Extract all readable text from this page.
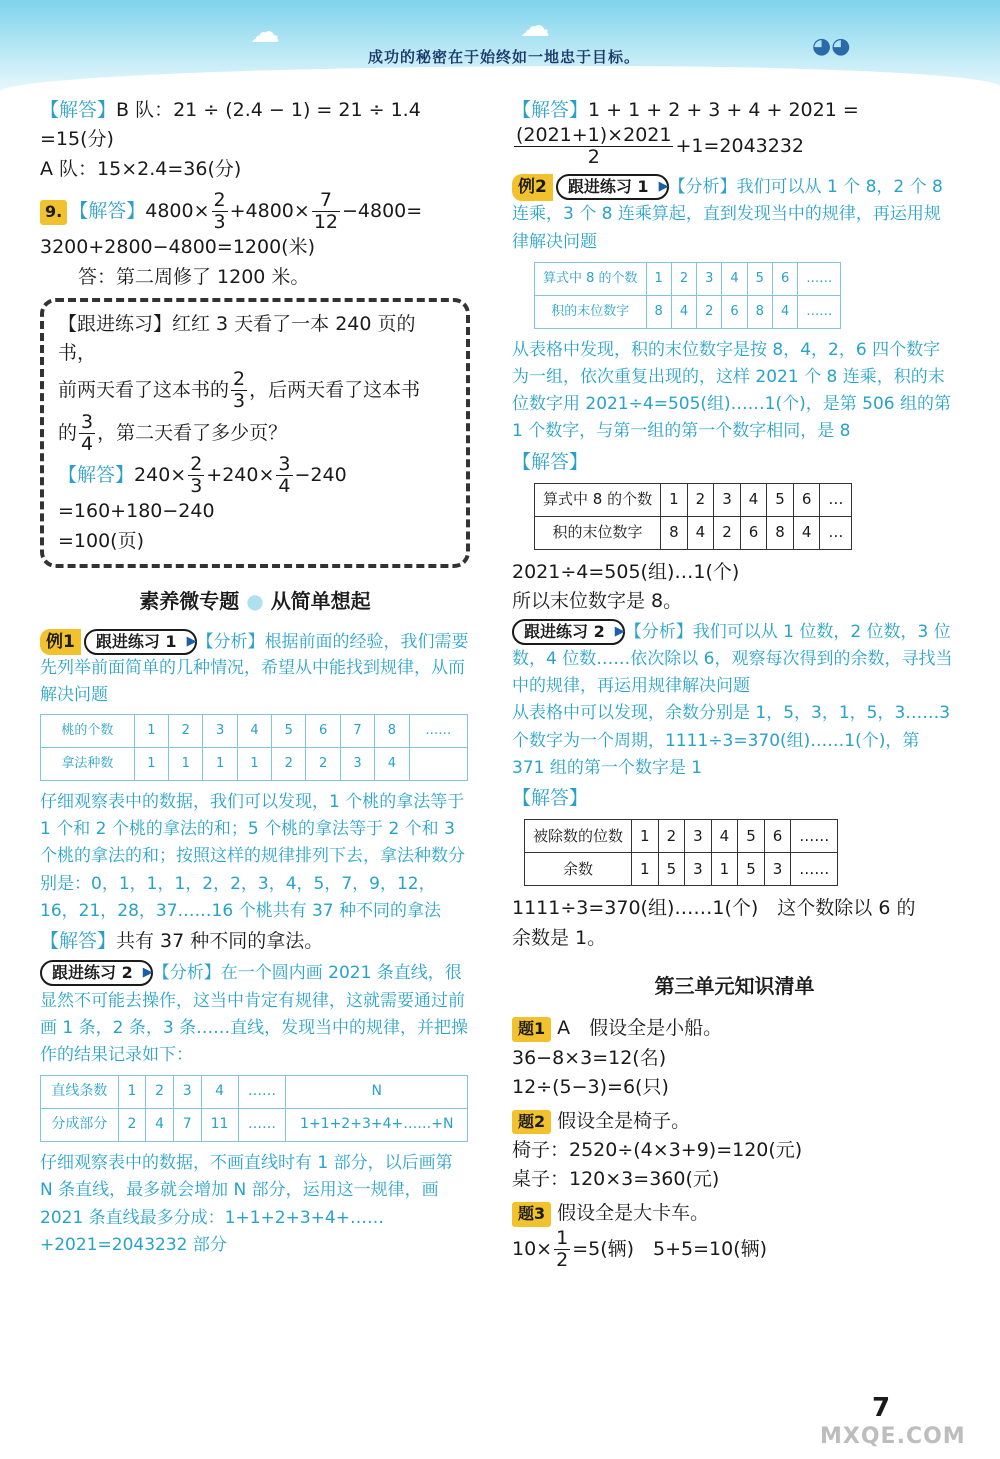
☁	☁
成功的秘密在于始终如一地忠于目标。	◕◕
【解答】B 队：21 ÷ (2.4 − 1) = 21 ÷ 1.4
=15(分)
A 队：15×2.4=36(分)
9. 【解答】$4800\times \frac{2}{3} +4800\times \frac{7}{12} -4800=$
3200+2800−4800=1200(米)
答：第二周修了 1200 米。
【跟进练习】红红 3 天看了一本 240 页的书，
前两天看了这本书的 $\frac{2}{3}$ ，后两天看了这本书
的 $\frac{3}{4}$ ，第二天看了多少页？
【解答】$240\times \frac{2}{3} +240\times \frac{3}{4} -240$
=160+180−240
=100(页)
素养微专题 ● 从简单想起
例1 跟进练习 1 ▶ 【分析】根据前面的经验，我们需要先列举前面简单的几种情况，希望从中能找到规律，从而解决问题
桃的个数	1	2	3	4	5	6	7	8	……
拿法种数	1	1	1	1	2	2	3	4	
仔细观察表中的数据，我们可以发现，1 个桃的拿法等于 1 个和 2 个桃的拿法的和；5 个桃的拿法等于 2 个和 3 个桃的拿法的和；按照这样的规律排列下去，拿法种数分别是：0，1，1，1，2，2，3，4，5，7，9，12，16，21，28，37……16 个桃共有 37 种不同的拿法
【解答】共有 37 种不同的拿法。
跟进练习 2 ▶ 【分析】在一个圆内画 2021 条直线，很显然不可能去操作，这当中肯定有规律，这就需要通过前画 1 条，2 条，3 条……直线，发现当中的规律，并把操作的结果记录如下：
直线条数	1	2	3	4	……	N
分成部分	2	4	7	11	……	1+1+2+3+4+……+N
仔细观察表中的数据，不画直线时有 1 部分，以后画第 N 条直线，最多就会增加 N 部分，运用这一规律，画 2021 条直线最多分成：1+1+2+3+4+……+2021=2043232 部分
【解答】1 + 1 + 2 + 3 + 4 + 2021 =

$\frac{(2021+1)\times 2021}{2} +1=2043232$
例2 跟进练习 1 ▶ 【分析】我们可以从 1 个 8，2 个 8 连乘，3 个 8 连乘算起，直到发现当中的规律，再运用规律解决问题
算式中 8 的个数	1	2	3	4	5	6	……
积的末位数字	8	4	2	6	8	4	……
从表格中发现，积的末位数字是按 8，4，2，6 四个数字为一组，依次重复出现的，这样 2021 个 8 连乘，积的末位数字用 2021÷4=505(组)……1(个)，是第 506 组的第 1 个数字，与第一组的第一个数字相同，是 8
【解答】
算式中 8 的个数	1	2	3	4	5	6	…
积的末位数字	8	4	2	6	8	4	…
2021÷4=505(组)…1(个)
所以末位数字是 8。
跟进练习 2 ▶ 【分析】我们可以从 1 位数，2 位数，3 位数，4 位数……依次除以 6，观察每次得到的余数，寻找当中的规律，再运用规律解决问题
从表格中可以发现，余数分别是 1，5，3，1，5，3……3 个数字为一个周期，1111÷3=370(组)……1(个)，第 371 组的第一个数字是 1
【解答】
被除数的位数	1	2	3	4	5	6	……
余数	1	5	3	1	5	3	……
1111÷3=370(组)……1(个)　这个数除以 6 的
余数是 1。
第三单元知识清单
题1 A　假设全是小船。
36−8×3=12(名)
12÷(5−3)=6(只)
题2 假设全是椅子。
椅子：2520÷(4×3+9)=120(元)
桌子：120×3=360(元)
题3 假设全是大卡车。
$10\times \frac{1}{2} =5$(辆)　5+5=10(辆)
7
MXQE.COM
